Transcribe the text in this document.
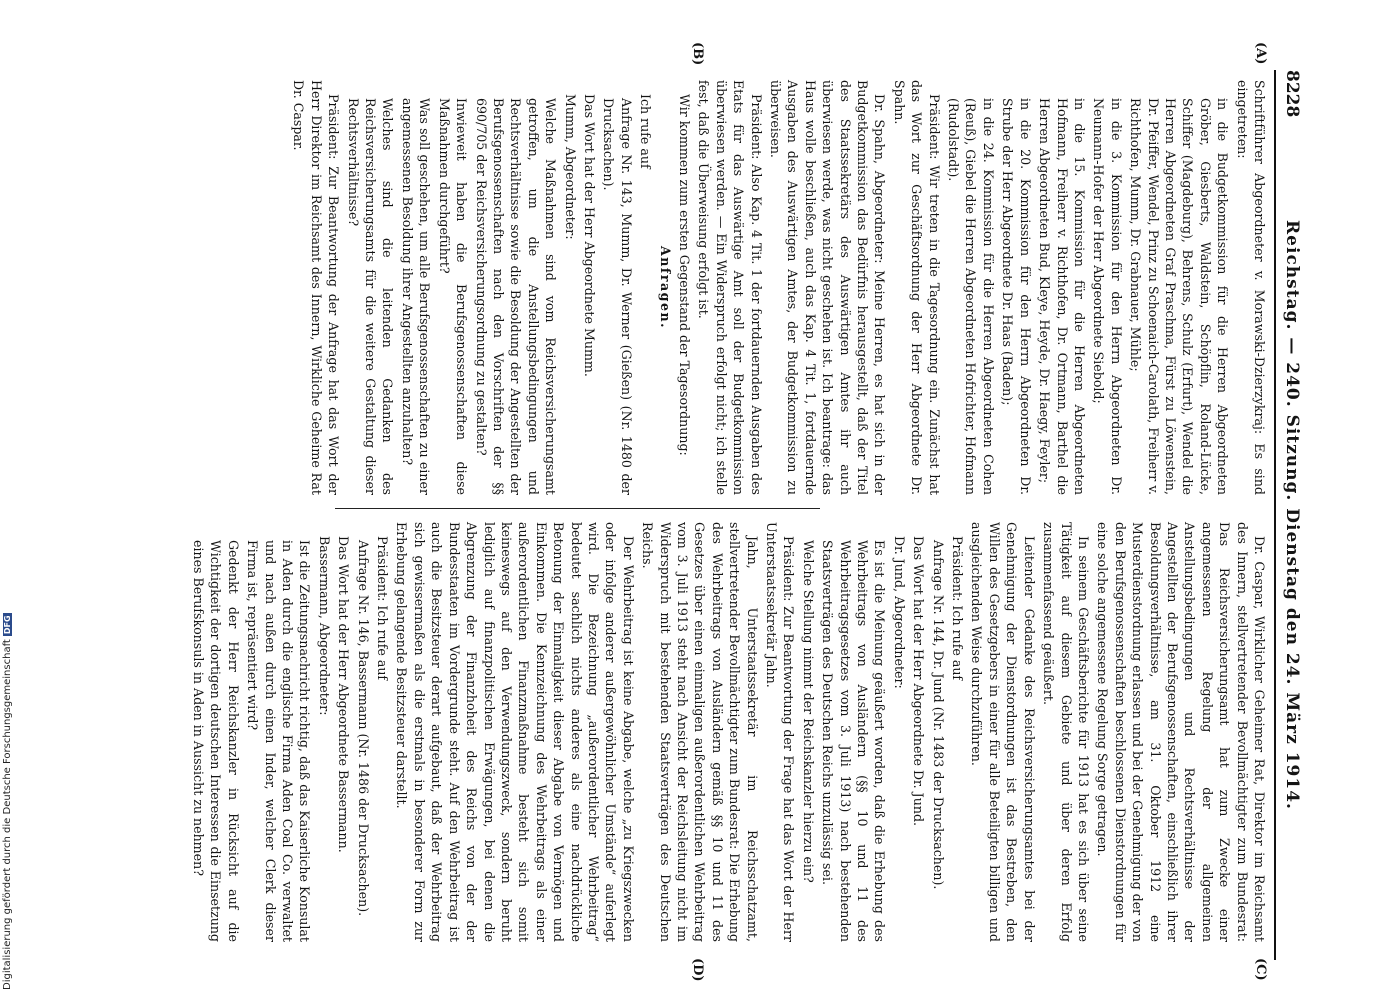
8228
Reichstag. — 240. Sitzung. Dienstag den 24. März 1914.
(A)
(B)
(C)
(D)

Schriftführer Abgeordneter v. Morawski-Dzierzykraj: Es sind eingetreten:

in die Budgetkommission für die Herren Abgeordneten Gröber, Giesberts, Waldstein, Schöpflin, Roland-Lücke, Schiffer (Magdeburg), Behrens, Schulz (Erfurt), Wendel die Herren Abgeordneten Graf Praschma, Fürst zu Löwenstein, Dr. Pfeiffer, Wendel, Prinz zu Schoenaich-Carolath, Freiherr v. Richthofen, Mumm, Dr. Grabnauer, Mühle;

in die 3. Kommission für den Herrn Abgeordneten Dr. Neumann-Hofer der Herr Abgeordnete Siebold;

in die 15. Kommission für die Herren Abgeordneten Hofmann, Freiherr v. Richthofen, Dr. Ortmann, Barthel die Herren Abgeordneten Bud, Kleye, Heyde, Dr. Haegy, Feyler;

in die 20. Kommission für den Herrn Abgeordneten Dr. Strube der Herr Abgeordnete Dr. Haas (Baden);

in die 24. Kommission für die Herren Abgeordneten Cohen (Reuß), Giebel die Herren Abgeordneten Hofrichter, Hofmann (Rudolstadt).

Präsident: Wir treten in die Tagesordnung ein. Zunächst hat das Wort zur Geschäftsordnung der Herr Abgeordnete Dr. Spahn.

Dr. Spahn, Abgeordneter: Meine Herren, es hat sich in der Budgetkommission das Bedürfnis herausgestellt, daß der Titel des Staatssekretärs des Auswärtigen Amtes ihr auch überwiesen werde, was nicht geschehen ist. Ich beantrage: das Haus wolle beschließen, auch das Kap. 4 Tit. 1, fortdauernde Ausgaben des Auswärtigen Amtes, der Budgetkommission zu überweisen.

Präsident: Also Kap. 4 Tit. 1 der fortdauernden Ausgaben des Etats für das Auswärtige Amt soll der Budgetkommission überwiesen werden. — Ein Widerspruch erfolgt nicht; ich stelle fest, daß die Überweisung erfolgt ist.

Wir kommen zum ersten Gegenstand der Tagesordnung:

Anfragen.

Ich rufe auf

Anfrage Nr. 143, Mumm, Dr. Werner (Gießen) (Nr. 1480 der Drucksachen).

Das Wort hat der Herr Abgeordnete Mumm.

Mumm, Abgeordneter:

Welche Maßnahmen sind vom Reichsversicherungsamt getroffen, um die Anstellungsbedingungen und Rechtsverhältnisse sowie die Besoldung der Angestellten der Berufsgenossenschaften nach den Vorschriften der §§ 690/705 der Reichsversicherungsordnung zu gestalten?

Inwieweit haben die Berufsgenossenschaften diese Maßnahmen durchgeführt?

Was soll geschehen, um alle Berufsgenossenschaften zu einer angemessenen Besoldung ihrer Angestellten anzuhalten?

Welches sind die leitenden Gedanken des Reichsversicherungsamts für die weitere Gestaltung dieser Rechtsverhältnisse?

Präsident: Zur Beantwortung der Anfrage hat das Wort der Herr Direktor im Reichsamt des Innern, Wirkliche Geheime Rat Dr. Caspar.

Dr. Caspar, Wirklicher Geheimer Rat, Direktor im Reichsamt des Innern, stellvertretender Bevollmächtigter zum Bundesrat: Das Reichsversicherungsamt hat zum Zwecke einer angemessenen Regelung der allgemeinen Anstellungsbedingungen und Rechtsverhältnisse der Angestellten der Berufsgenossenschaften, einschließlich ihrer Besoldungsverhältnisse, am 31. Oktober 1912 eine Musterdienstordnung erlassen und bei der Genehmigung der von den Berufsgenossenschaften beschlossenen Dienstordnungen für eine solche angemessene Regelung Sorge getragen.

In seinem Geschäftsberichte für 1913 hat es sich über seine Tätigkeit auf diesem Gebiete und über deren Erfolg zusammenfassend geäußert.

Leitender Gedanke des Reichsversicherungsamtes bei der Genehmigung der Dienstordnungen ist das Bestreben, den Willen des Gesetzgebers in einer für alle Beteiligten billigen und ausgleichenden Weise durchzuführen.

Präsident: Ich rufe auf

Anfrage Nr. 144, Dr. Jund (Nr. 1483 der Drucksachen).

Das Wort hat der Herr Abgeordnete Dr. Jund.

Dr. Jund, Abgeordneter:

Es ist die Meinung geäußert worden, daß die Erhebung des Wehrbeitrags von Ausländern (§§ 10 und 11 des Wehrbeitragsgesetzes vom 3. Juli 1913) nach bestehenden Staatsverträgen des Deutschen Reichs unzulässig sei.

Welche Stellung nimmt der Reichskanzler hierzu ein?

Präsident: Zur Beantwortung der Frage hat das Wort der Herr Unterstaatssekretär Jahn.

Jahn, Unterstaatssekretär im Reichsschatzamt, stellvertretender Bevollmächtigter zum Bundesrat: Die Erhebung des Wehrbeitrags von Ausländern gemäß §§ 10 und 11 des Gesetzes über einen einmaligen außerordentlichen Wehrbeitrag vom 3. Juli 1913 steht nach Ansicht der Reichsleitung nicht im Widerspruch mit bestehenden Staatsverträgen des Deutschen Reichs.

Der Wehrbeitrag ist keine Abgabe, welche „zu Kriegszwecken oder infolge anderer außergewöhnlicher Umstände“ auferlegt wird. Die Bezeichnung „außerordentlicher Wehrbeitrag“ bedeutet sachlich nichts anderes als eine nachdrückliche Betonung der Einmaligkeit dieser Abgabe von Vermögen und Einkommen. Die Kennzeichnung des Wehrbeitrags als einer außerordentlichen Finanzmaßnahme besteht sich somit keineswegs auf den Verwendungszweck, sondern beruht lediglich auf finanzpolitischen Erwägungen, bei denen die Abgrenzung der Finanzhoheit des Reichs von der der Bundesstaaten im Vordergrunde steht. Auf den Wehrbeitrag ist auch die Besitzsteuer derart aufgebaut, daß der Wehrbeitrag sich gewissermaßen als die erstmals in besonderer Form zur Erhebung gelangende Besitzsteuer darstellt.

Präsident: Ich rufe auf

Anfrage Nr. 146, Bassermann (Nr. 1486 der Drucksachen).

Das Wort hat der Herr Abgeordnete Bassermann.

Bassermann, Abgeordneter:

Ist die Zeitungsnachricht richtig, daß das Kaiserliche Konsulat in Aden durch die englische Firma Aden Coal Co. verwaltet und nach außen durch einen Inder, welcher Clerk dieser Firma ist, repräsentiert wird?

Gedenkt der Herr Reichskanzler in Rücksicht auf die Wichtigkeit der dortigen deutschen Interessen die Einsetzung eines Berufskonsuls in Aden in Aussicht zu nehmen?

Digitalisierung gefördert durch die Deutsche ForschungsgemeinschaftDFG
